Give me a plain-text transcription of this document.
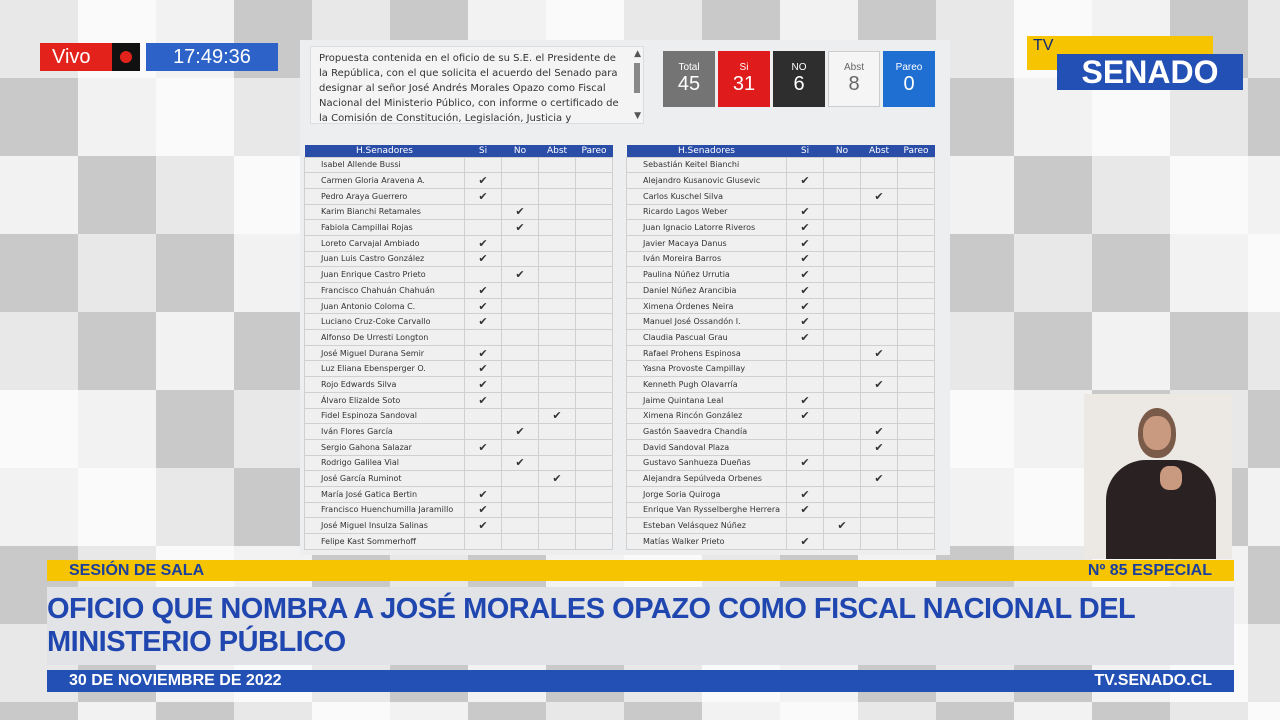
Vivo	17:49:36	Propuesta contenida en el oficio de su S.E. el Presidente de la República, con el que solicita el acuerdo del Senado para designar al señor José Andrés Morales Opazo como Fiscal Nacional del Ministerio Público, con informe o certificado de la Comisión de Constitución, Legislación, Justicia y

▲
▼
Total
45
Si
31
NO
6
Abst
8
Pareo
0
TV
SENADO
H.Senadores	Si	No	Abst	Pareo
Isabel Allende Bussi				
Carmen Gloria Aravena A.	✔			
Pedro Araya Guerrero	✔			
Karim Bianchi Retamales		✔		
Fabiola Campillai Rojas		✔		
Loreto Carvajal Ambiado	✔			
Juan Luis Castro González	✔			
Juan Enrique Castro Prieto		✔		
Francisco Chahuán Chahuán	✔			
Juan Antonio Coloma C.	✔			
Luciano Cruz-Coke Carvallo	✔			
Alfonso De Urresti Longton				
José Miguel Durana Semir	✔			
Luz Eliana Ebensperger O.	✔			
Rojo Edwards Silva	✔			
Álvaro Elizalde Soto	✔			
Fidel Espinoza Sandoval			✔	
Iván Flores García		✔		
Sergio Gahona Salazar	✔			
Rodrigo Galilea Vial		✔		
José García Ruminot			✔	
María José Gatica Bertin	✔			
Francisco Huenchumilla Jaramillo	✔			
José Miguel Insulza Salinas	✔			
Felipe Kast Sommerhoff				
H.Senadores	Si	No	Abst	Pareo
Sebastián Keitel Bianchi				
Alejandro Kusanovic Glusevic	✔			
Carlos Kuschel Silva			✔	
Ricardo Lagos Weber	✔			
Juan Ignacio Latorre Riveros	✔			
Javier Macaya Danus	✔			
Iván Moreira Barros	✔			
Paulina Núñez Urrutia	✔			
Daniel Núñez Arancibia	✔			
Ximena Órdenes Neira	✔			
Manuel José Ossandón I.	✔			
Claudia Pascual Grau	✔			
Rafael Prohens Espinosa			✔	
Yasna Provoste Campillay				
Kenneth Pugh Olavarría			✔	
Jaime Quintana Leal	✔			
Ximena Rincón González	✔			
Gastón Saavedra Chandía			✔	
David Sandoval Plaza			✔	
Gustavo Sanhueza Dueñas	✔			
Alejandra Sepúlveda Orbenes			✔	
Jorge Soria Quiroga	✔			
Enrique Van Rysselberghe Herrera	✔			
Esteban Velásquez Núñez		✔		
Matías Walker Prieto	✔			
SESIÓN DE SALA	Nº 85 ESPECIAL
OFICIO QUE NOMBRA A JOSÉ MORALES OPAZO COMO FISCAL NACIONAL DEL MINISTERIO PÚBLICO
30 DE NOVIEMBRE DE 2022	TV.SENADO.CL
